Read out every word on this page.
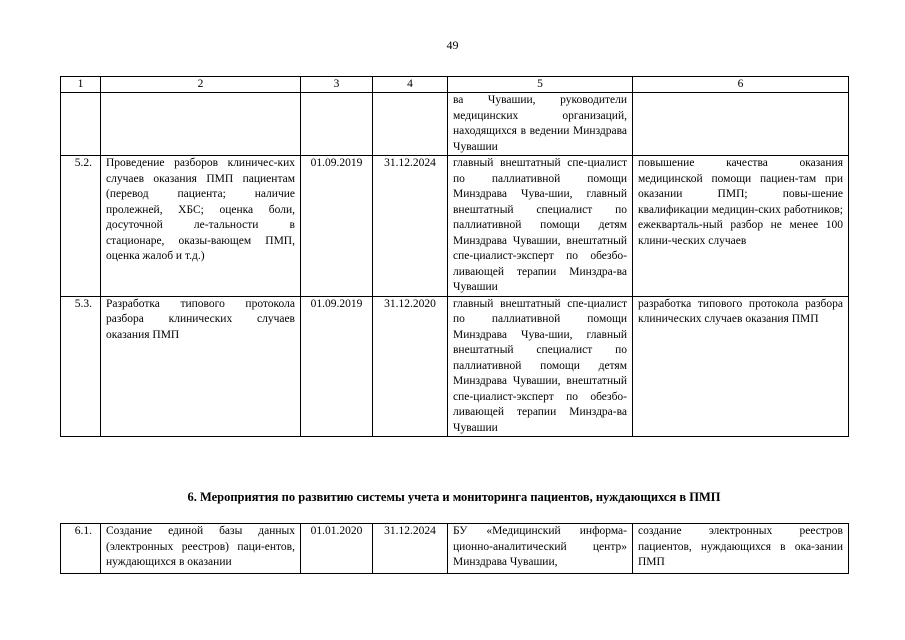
49
1	2	3	4	5	6
				ва Чувашии, руководители медицинских организаций, находящихся в ведении Минздрава Чувашии	
5.2.	Проведение разборов клиничес-ких случаев оказания ПМП пациентам (перевод пациента; наличие пролежней, ХБС; оценка боли, досуточной ле-тальности в стационаре, оказы-вающем ПМП, оценка жалоб и т.д.)	01.09.2019	31.12.2024	главный внештатный спе-циалист по паллиативной помощи Минздрава Чува-шии, главный внештатный специалист по паллиативной помощи детям Минздрава Чувашии, внештатный спе-циалист-эксперт по обезбо-ливающей терапии Минздра-ва Чувашии	повышение качества оказания медицинской помощи пациен-там при оказании ПМП; повы-шение квалификации медицин-ских работников; ежекварталь-ный разбор не менее 100 клини-ческих случаев
5.3.	Разработка типового протокола разбора клинических случаев оказания ПМП	01.09.2019	31.12.2020	главный внештатный спе-циалист по паллиативной помощи Минздрава Чува-шии, главный внештатный специалист по паллиативной помощи детям Минздрава Чувашии, внештатный спе-циалист-эксперт по обезбо-ливающей терапии Минздра-ва Чувашии	разработка типового протокола разбора клинических случаев оказания ПМП
6. Мероприятия по развитию системы учета и мониторинга пациентов, нуждающихся в ПМП
6.1.	Создание единой базы данных (электронных реестров) паци-ентов, нуждающихся в оказании	01.01.2020	31.12.2024	БУ «Медицинский информа-ционно-аналитический центр» Минздрава Чувашии,	создание электронных реестров пациентов, нуждающихся в ока-зании ПМП
